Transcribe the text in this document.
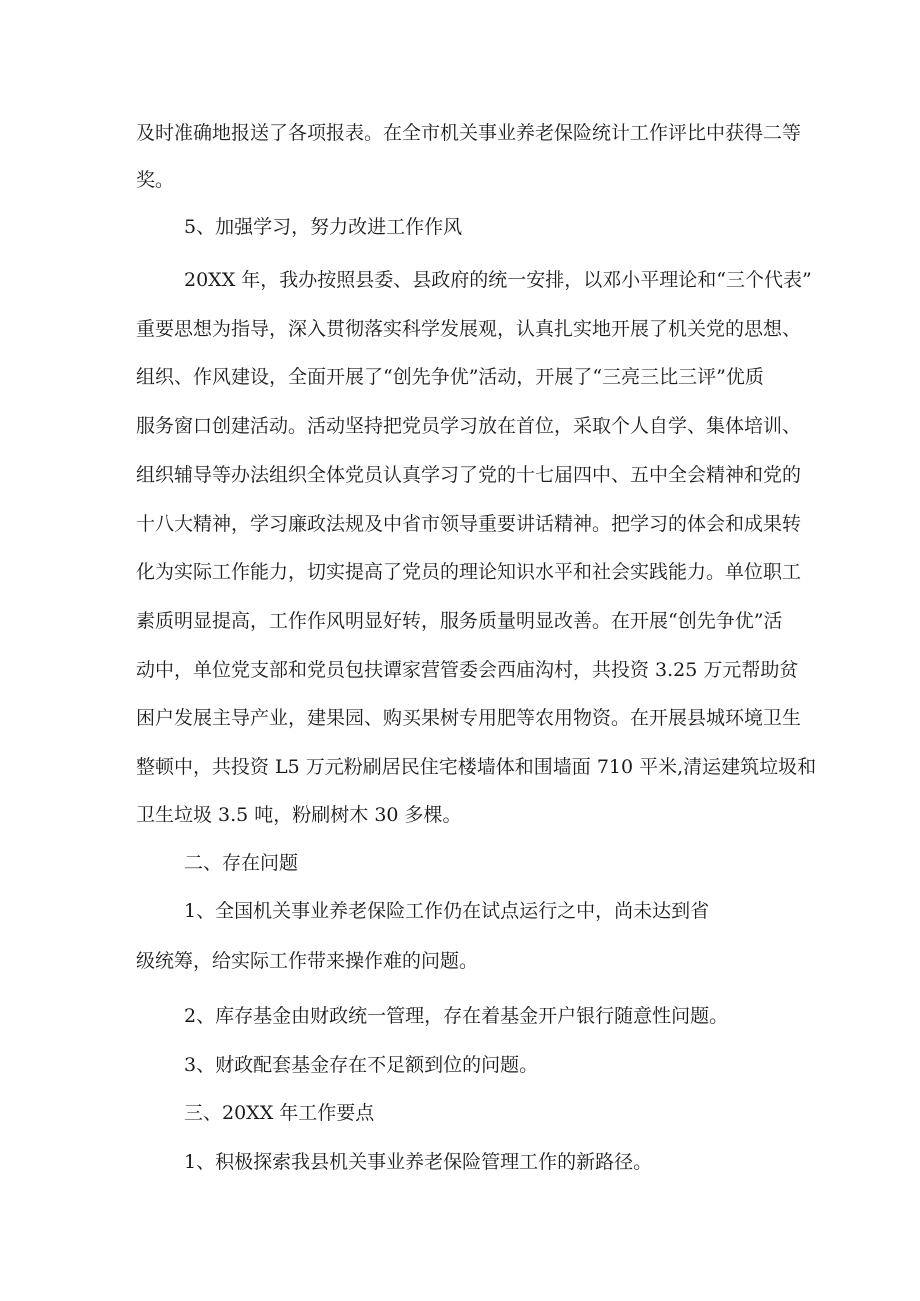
及时准确地报送了各项报表。在全市机关事业养老保险统计工作评比中获得二等

奖。

5、加强学习，努力改进工作作风

20XX 年，我办按照县委、县政府的统一安排，以邓小平理论和“三个代表”

重要思想为指导，深入贯彻落实科学发展观，认真扎实地开展了机关党的思想、

组织、作风建设，全面开展了“创先争优”活动，开展了“三亮三比三评”优质

服务窗口创建活动。活动坚持把党员学习放在首位，采取个人自学、集体培训、

组织辅导等办法组织全体党员认真学习了党的十七届四中、五中全会精神和党的

十八大精神，学习廉政法规及中省市领导重要讲话精神。把学习的体会和成果转

化为实际工作能力，切实提高了党员的理论知识水平和社会实践能力。单位职工

素质明显提高，工作作风明显好转，服务质量明显改善。在开展“创先争优”活

动中，单位党支部和党员包扶谭家营管委会西庙沟村，共投资 3.25 万元帮助贫

困户发展主导产业，建果园、购买果树专用肥等农用物资。在开展县城环境卫生

整顿中，共投资 L5 万元粉刷居民住宅楼墙体和围墙面 710 平米,清运建筑垃圾和

卫生垃圾 3.5 吨，粉刷树木 30 多棵。

二、存在问题

1、全国机关事业养老保险工作仍在试点运行之中，尚未达到省

级统筹，给实际工作带来操作难的问题。

2、库存基金由财政统一管理，存在着基金开户银行随意性问题。

3、财政配套基金存在不足额到位的问题。

三、20XX 年工作要点

1、积极探索我县机关事业养老保险管理工作的新路径。
